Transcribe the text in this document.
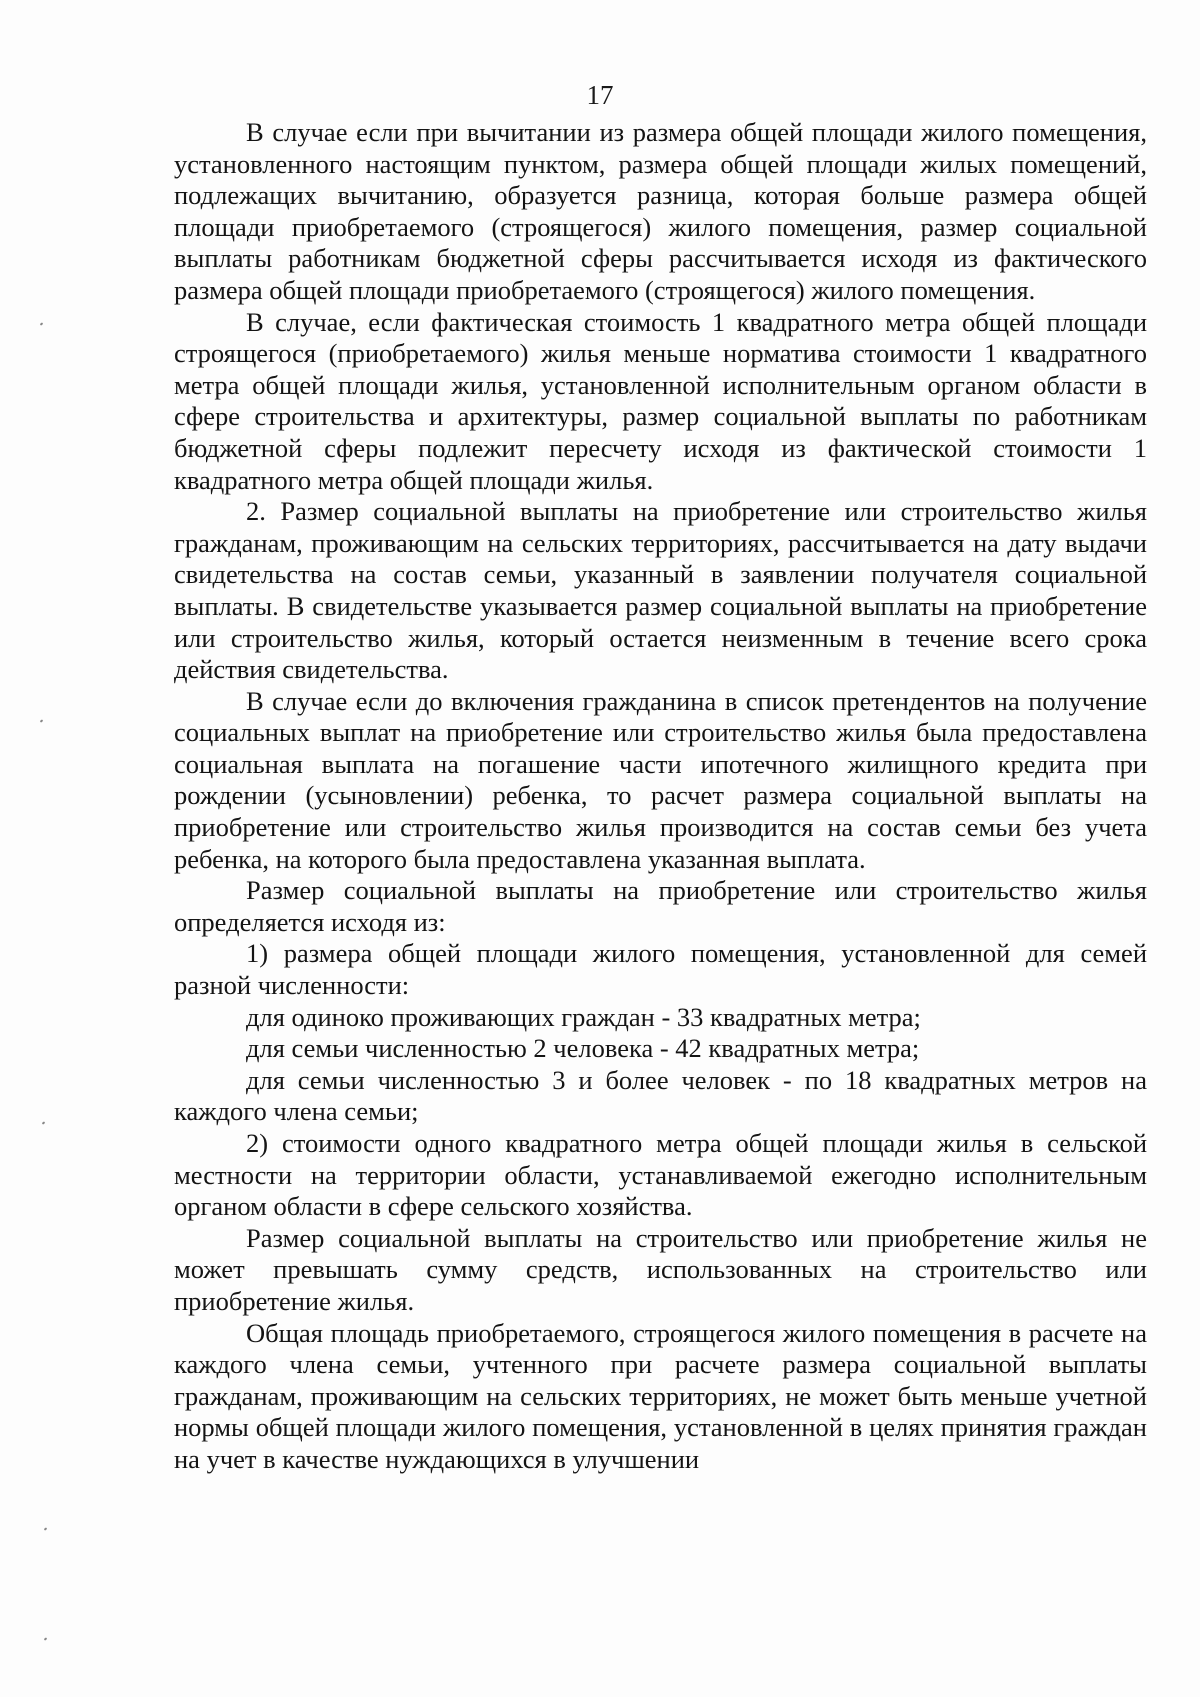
17

В случае если при вычитании из размера общей площади жилого помещения, установленного настоящим пунктом, размера общей площади жилых помещений, подлежащих вычитанию, образуется разница, которая больше размера общей площади приобретаемого (строящегося) жилого помещения, размер социальной выплаты работникам бюджетной сферы рассчитывается исходя из фактического размера общей площади приобретаемого (строящегося) жилого помещения.

В случае, если фактическая стоимость 1 квадратного метра общей площади строящегося (приобретаемого) жилья меньше норматива стоимости 1 квадратного метра общей площади жилья, установленной исполнительным органом области в сфере строительства и архитектуры, размер социальной выплаты по работникам бюджетной сферы подлежит пересчету исходя из фактической стоимости 1 квадратного метра общей площади жилья.

2. Размер социальной выплаты на приобретение или строительство жилья гражданам, проживающим на сельских территориях, рассчитывается на дату выдачи свидетельства на состав семьи, указанный в заявлении получателя социальной выплаты. В свидетельстве указывается размер социальной выплаты на приобретение или строительство жилья, который остается неизменным в течение всего срока действия свидетельства.

В случае если до включения гражданина в список претендентов на получение социальных выплат на приобретение или строительство жилья была предоставлена социальная выплата на погашение части ипотечного жилищного кредита при рождении (усыновлении) ребенка, то расчет размера социальной выплаты на приобретение или строительство жилья производится на состав семьи без учета ребенка, на которого была предоставлена указанная выплата.

Размер социальной выплаты на приобретение или строительство жилья определяется исходя из:

1) размера общей площади жилого помещения, установленной для семей разной численности:

для одиноко проживающих граждан - 33 квадратных метра;

для семьи численностью 2 человека - 42 квадратных метра;

для семьи численностью 3 и более человек - по 18 квадратных метров на каждого члена семьи;

2) стоимости одного квадратного метра общей площади жилья в сельской местности на территории области, устанавливаемой ежегодно исполнительным органом области в сфере сельского хозяйства.

Размер социальной выплаты на строительство или приобретение жилья не может превышать сумму средств, использованных на строительство или приобретение жилья.

Общая площадь приобретаемого, строящегося жилого помещения в расчете на каждого члена семьи, учтенного при расчете размера социальной выплаты гражданам, проживающим на сельских территориях, не может быть меньше учетной нормы общей площади жилого помещения, установленной в целях принятия граждан на учет в качестве нуждающихся в улучшении
